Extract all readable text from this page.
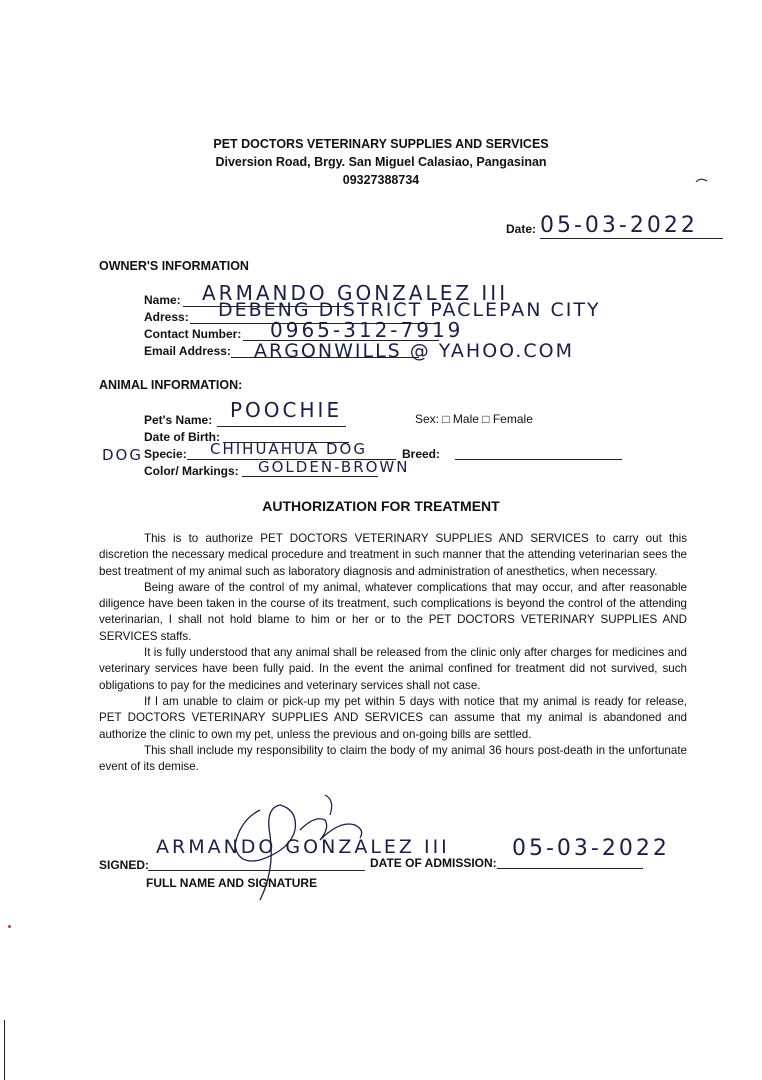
PET DOCTORS VETERINARY SUPPLIES AND SERVICES
Diversion Road, Brgy. San Miguel Calasiao, Pangasinan
09327388734
Date: 05-03-2022
OWNER'S INFORMATION
Name: ARMANDO GONZALEZ III
Adress: DEBENG DISTRICT PACLEPAN CITY
Contact Number: 0965-312-7919
Email Address: ARGONWILLS @ YAHOO.COM
ANIMAL INFORMATION:
Pet's Name: POOCHIE	Sex: □ Male □ Female
Date of Birth:
DOG Specie: CHIHUAHUA DOG	Breed:
Color/ Markings: GOLDEN-BROWN
AUTHORIZATION FOR TREATMENT

This is to authorize PET DOCTORS VETERINARY SUPPLIES AND SERVICES to carry out this discretion the necessary medical procedure and treatment in such manner that the attending veterinarian sees the best treatment of my animal such as laboratory diagnosis and administration of anesthetics, when necessary.

Being aware of the control of my animal, whatever complications that may occur, and after reasonable diligence have been taken in the course of its treatment, such complications is beyond the control of the attending veterinarian, I shall not hold blame to him or her or to the PET DOCTORS VETERINARY SUPPLIES AND SERVICES staffs.

It is fully understood that any animal shall be released from the clinic only after charges for medicines and veterinary services have been fully paid. In the event the animal confined for treatment did not survived, such obligations to pay for the medicines and veterinary services shall not case.

If I am unable to claim or pick-up my pet within 5 days with notice that my animal is ready for release, PET DOCTORS VETERINARY SUPPLIES AND SERVICES can assume that my animal is abandoned and authorize the clinic to own my pet, unless the previous and on-going bills are settled.

This shall include my responsibility to claim the body of my animal 36 hours post-death in the unfortunate event of its demise.

SIGNED:
ARMANDO GONZALEZ III
FULL NAME AND SIGNATURE
DATE OF ADMISSION:
05-03-2022
